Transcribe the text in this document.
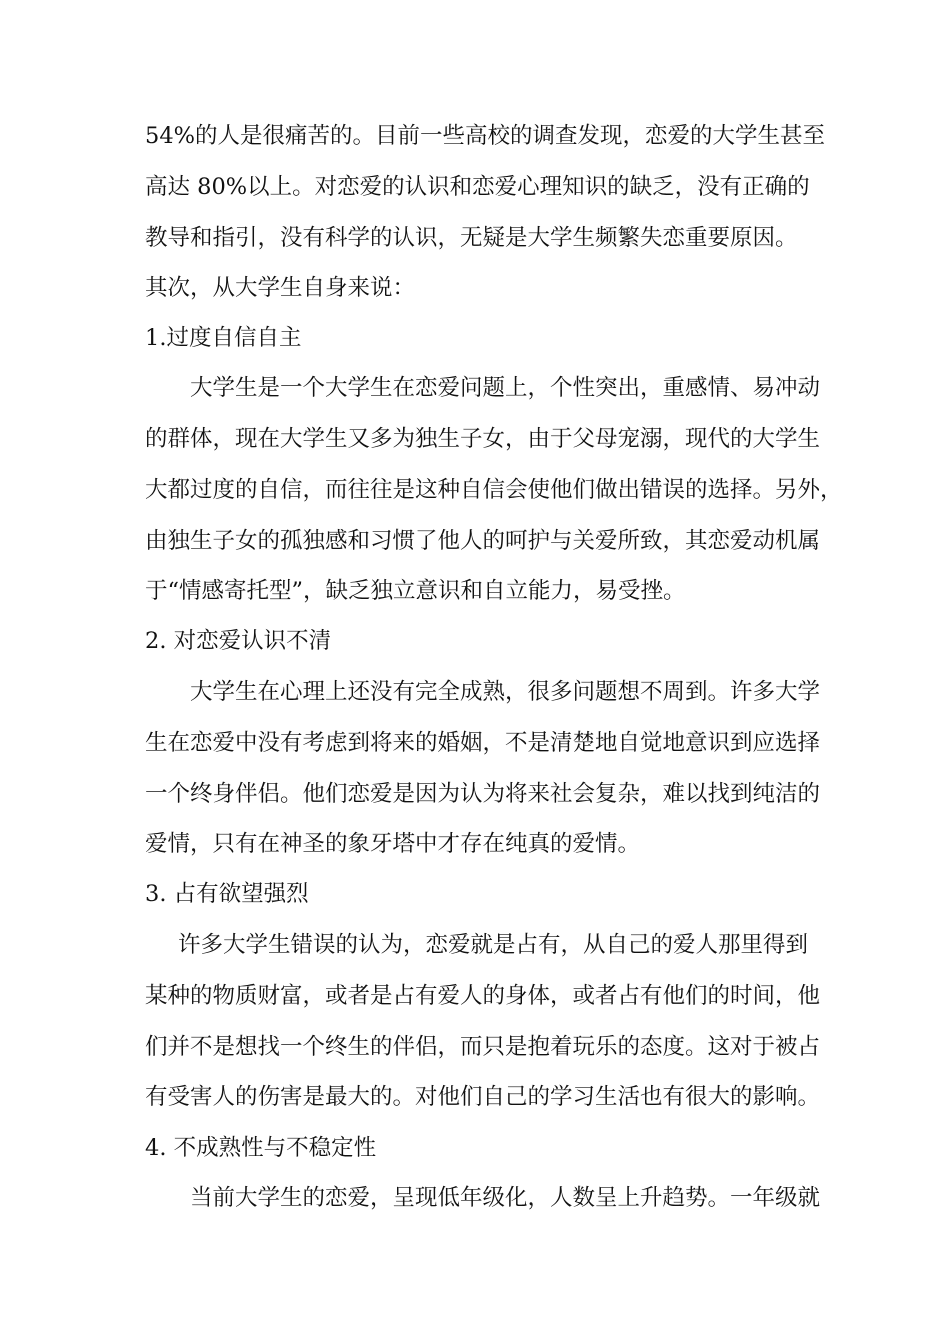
54%的人是很痛苦的。目前一些高校的调查发现，恋爱的大学生甚至
高达 80%以上。对恋爱的认识和恋爱心理知识的缺乏，没有正确的
教导和指引，没有科学的认识，无疑是大学生频繁失恋重要原因。
其次，从大学生自身来说：
1.过度自信自主
大学生是一个大学生在恋爱问题上，个性突出，重感情、易冲动
的群体，现在大学生又多为独生子女，由于父母宠溺，现代的大学生
大都过度的自信，而往往是这种自信会使他们做出错误的选择。另外，
由独生子女的孤独感和习惯了他人的呵护与关爱所致，其恋爱动机属
于“情感寄托型”，缺乏独立意识和自立能力，易受挫。
2. 对恋爱认识不清
大学生在心理上还没有完全成熟，很多问题想不周到。许多大学
生在恋爱中没有考虑到将来的婚姻，不是清楚地自觉地意识到应选择
一个终身伴侣。他们恋爱是因为认为将来社会复杂，难以找到纯洁的
爱情，只有在神圣的象牙塔中才存在纯真的爱情。
3. 占有欲望强烈
许多大学生错误的认为，恋爱就是占有，从自己的爱人那里得到
某种的物质财富，或者是占有爱人的身体，或者占有他们的时间，他
们并不是想找一个终生的伴侣，而只是抱着玩乐的态度。这对于被占
有受害人的伤害是最大的。对他们自己的学习生活也有很大的影响。
4. 不成熟性与不稳定性
当前大学生的恋爱，呈现低年级化，人数呈上升趋势。一年级就
